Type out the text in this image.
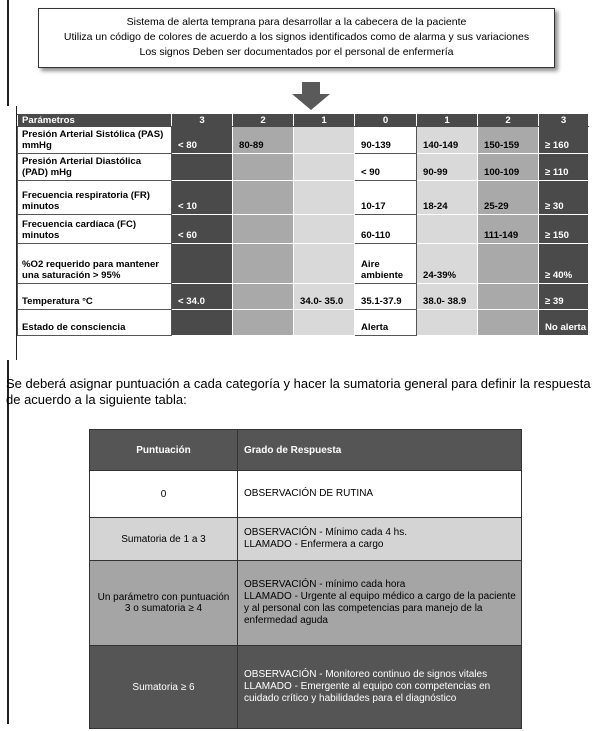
Sistema de alerta temprana para desarrollar a la cabecera de la paciente
Utiliza un código de colores de acuerdo a los signos identificados como de alarma y sus variaciones
Los signos Deben ser documentados por el personal de enfermería
Parámetros	3	2	1	0	1	2	3
Presión Arterial Sistólica (PAS) mmHg	< 80	80-89		90-139	140-149	150-159	≥ 160
Presión Arterial Diastólica (PAD) mHg				< 90	90-99	100-109	≥ 110
Frecuencia respiratoria (FR) minutos	< 10			10-17	18-24	25-29	≥ 30
Frecuencia cardíaca (FC) minutos	< 60			60-110		111-149	≥ 150
%O2 requerido para mantener una saturación > 95%				Aire ambiente	24-39%		≥ 40%
Temperatura °C	< 34.0		34.0- 35.0	35.1-37.9	38.0- 38.9		≥ 39
Estado de consciencia				Alerta			No alerta
Se deberá asignar puntuación a cada categoría y hacer la sumatoria general para definir la respuesta de acuerdo a la siguiente tabla:
Puntuación	Grado de Respuesta
0	OBSERVACIÓN DE RUTINA

Sumatoria de 1 a 3	OBSERVACIÓN - Mínimo cada 4 hs.
LLAMADO - Enfermera a cargo

Un parámetro con puntuación 3 o sumatoria ≥ 4	OBSERVACIÓN - mínimo cada hora
LLAMADO - Urgente al equipo médico a cargo de la paciente y al personal con las competencias para manejo de la enfermedad aguda

Sumatoria ≥ 6	OBSERVACIÓN - Monitoreo continuo de signos vitales
LLAMADO - Emergente al equipo con competencias en cuidado crítico y habilidades para el diagnóstico
